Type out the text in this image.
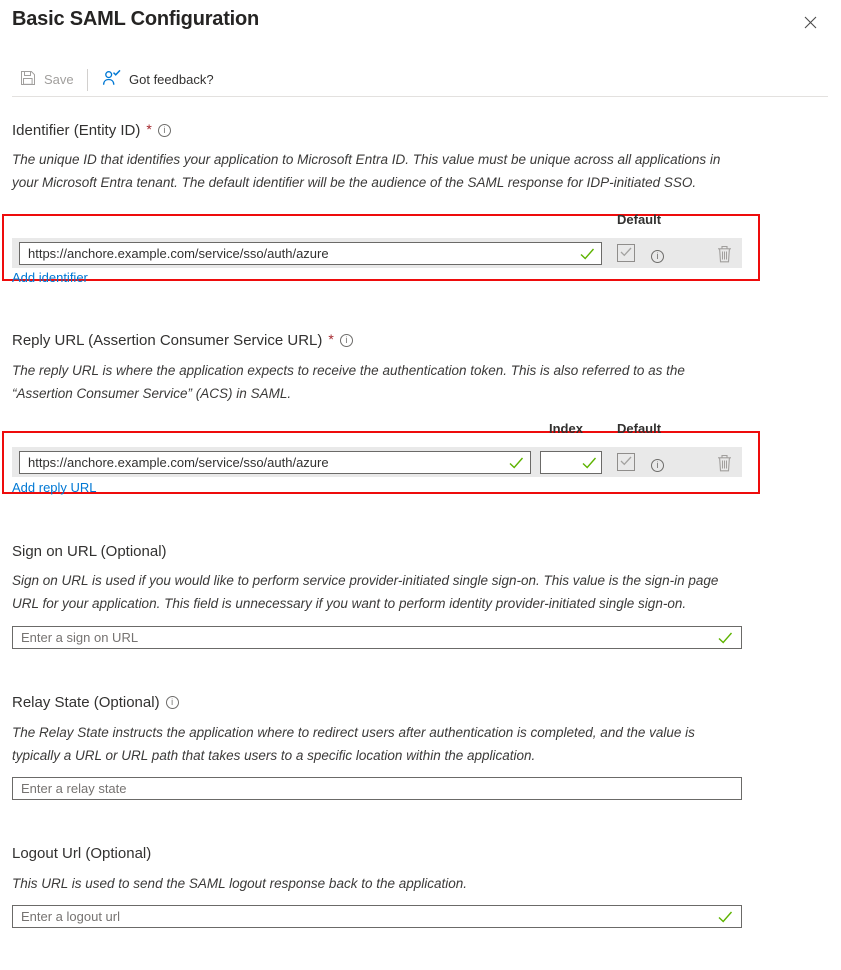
Basic SAML Configuration
Save	Got feedback?
Identifier (Entity ID) *	i
The unique ID that identifies your application to Microsoft Entra ID. This value must be unique across all applications in your Microsoft Entra tenant. The default identifier will be the audience of the SAML response for IDP-initiated SSO.
Default
https://anchore.example.com/service/sso/auth/azure
i
Add identifier
Reply URL (Assertion Consumer Service URL) *	i
The reply URL is where the application expects to receive the authentication token. This is also referred to as the “Assertion Consumer Service” (ACS) in SAML.
Index	Default
https://anchore.example.com/service/sso/auth/azure
i
Add reply URL
Sign on URL (Optional)
Sign on URL is used if you would like to perform service provider-initiated single sign-on. This value is the sign-in page URL for your application. This field is unnecessary if you want to perform identity provider-initiated single sign-on.
Enter a sign on URL
Relay State (Optional)	i
The Relay State instructs the application where to redirect users after authentication is completed, and the value is typically a URL or URL path that takes users to a specific location within the application.
Enter a relay state
Logout Url (Optional)
This URL is used to send the SAML logout response back to the application.
Enter a logout url
